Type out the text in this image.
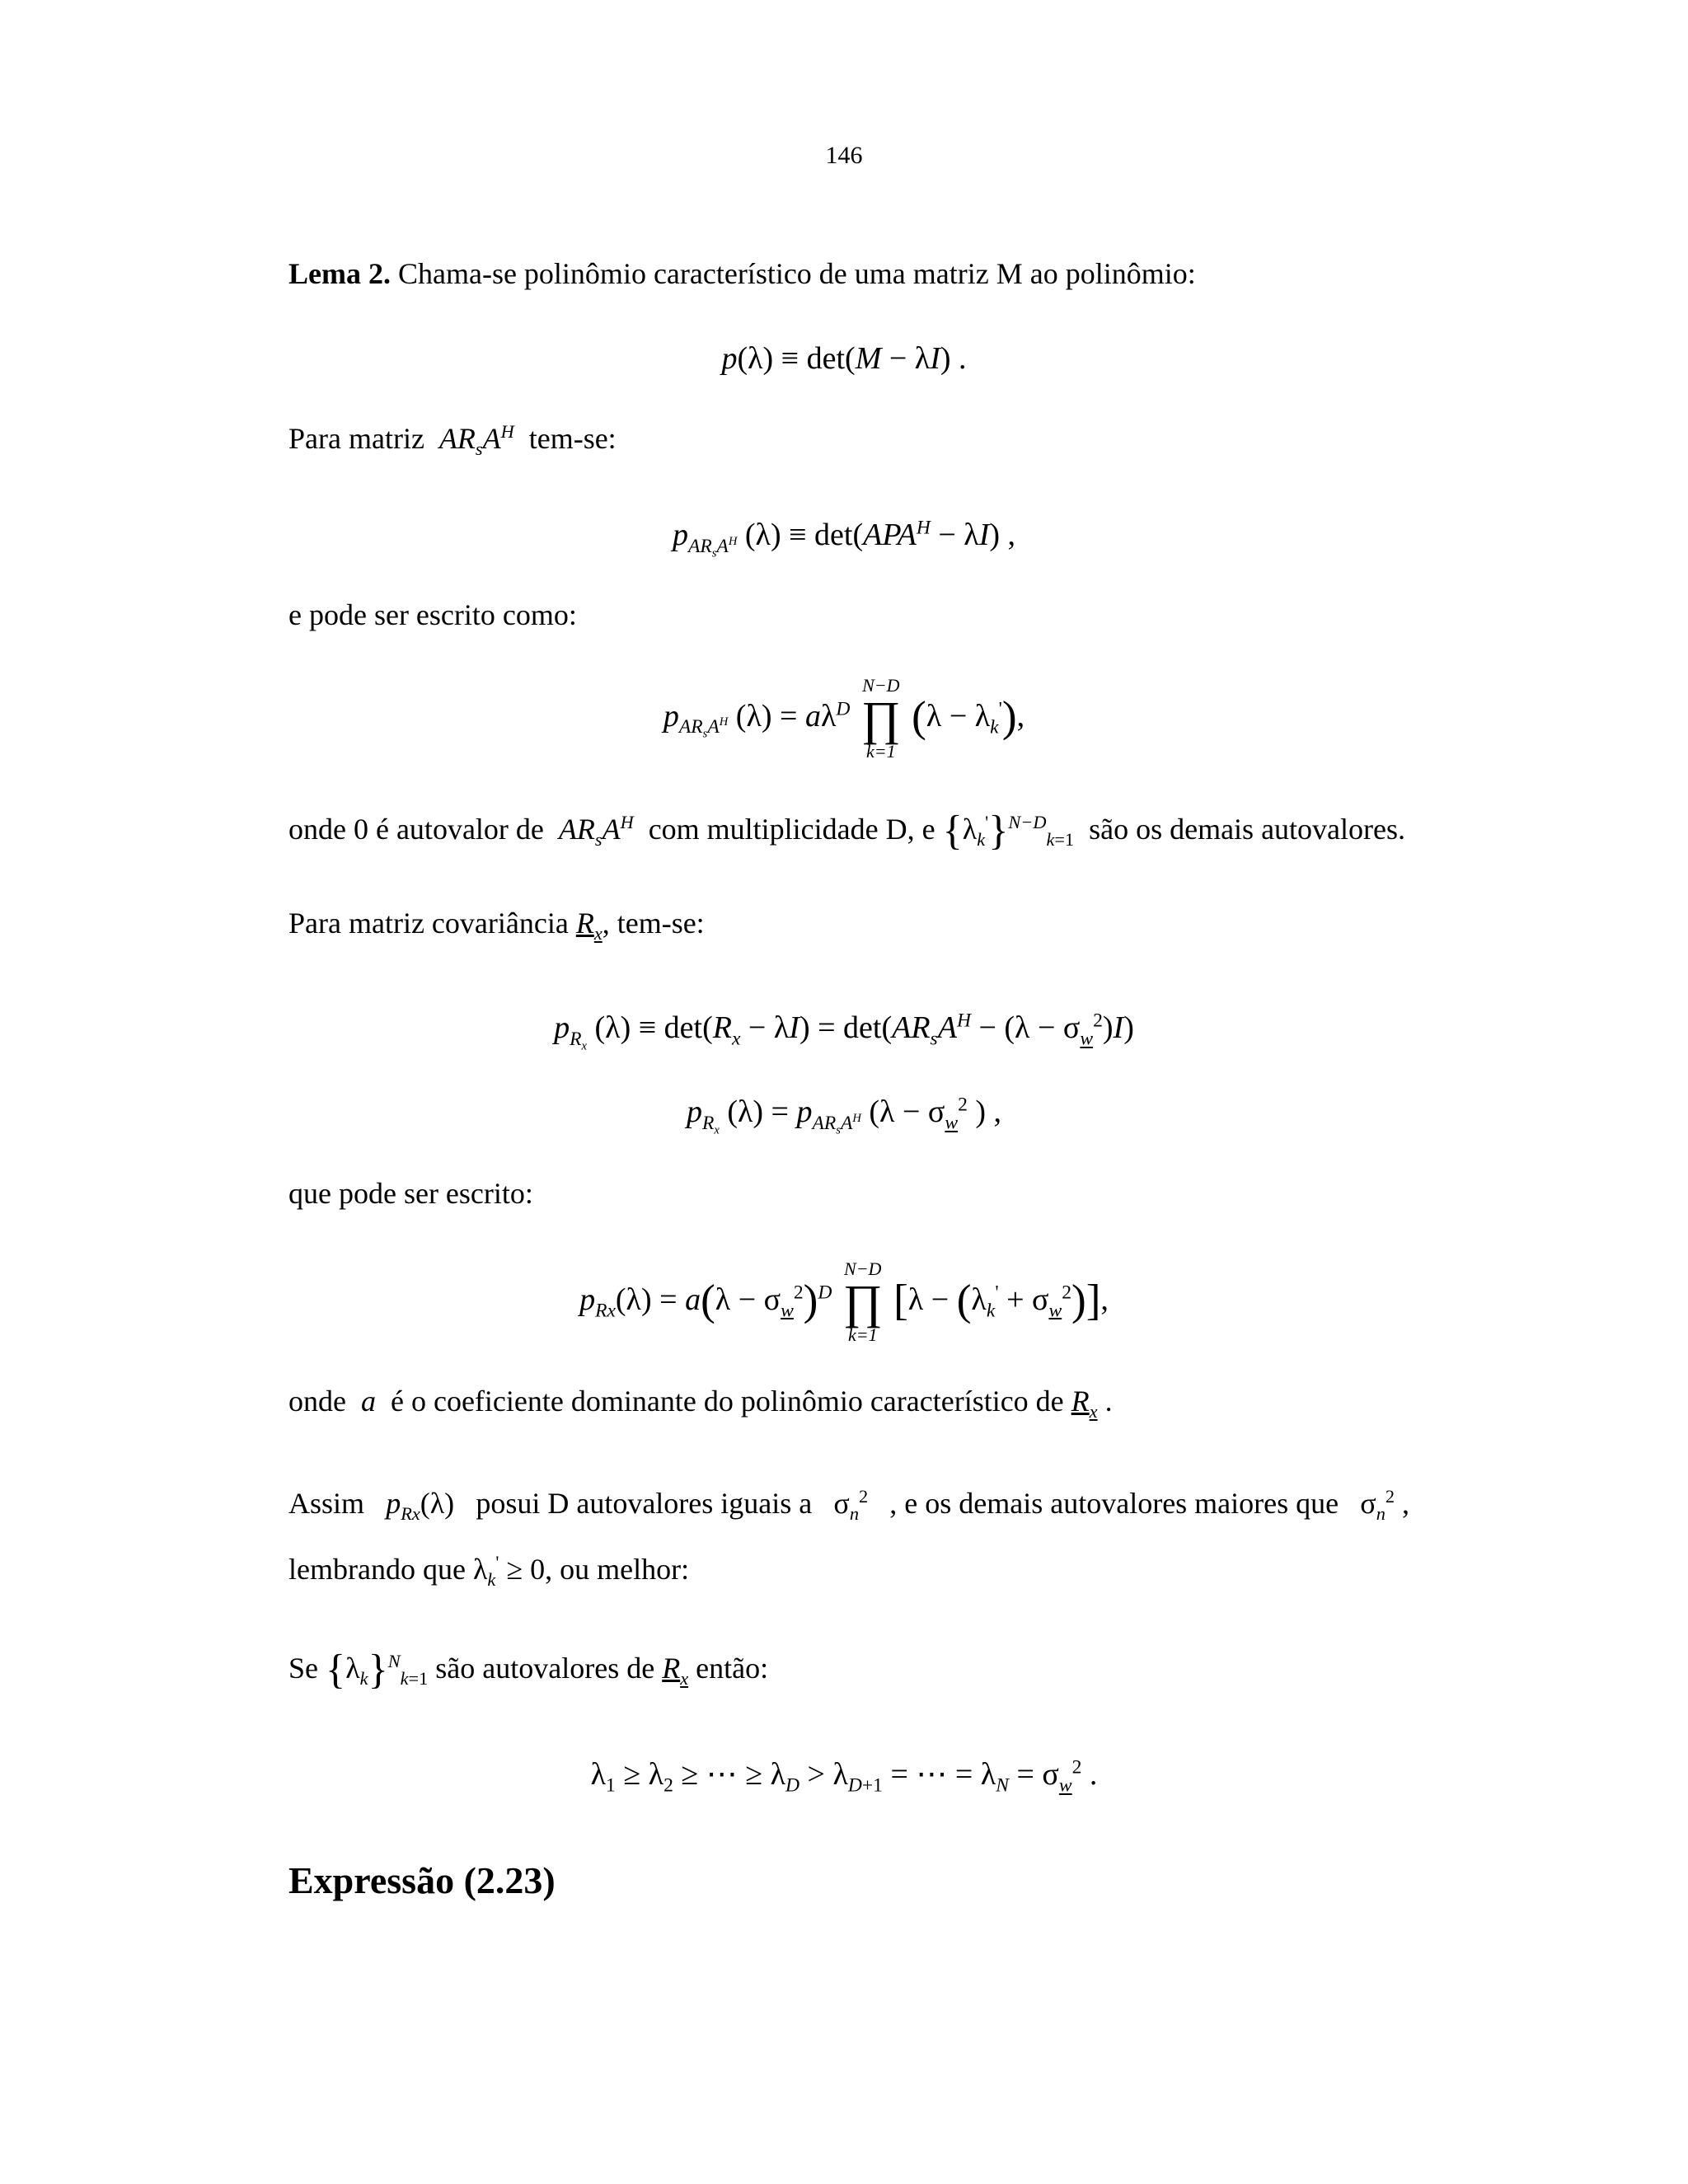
146
Lema 2. Chama-se polinômio característico de uma matriz M ao polinômio:
p(λ) ≡ det(M − λI) .
Para matriz $AR_sA^H$ tem-se:
$p_{AR_sA^H}$ $(\lambda) \equiv \det(APA^H - \lambda I)$ ,
e pode ser escrito como:
$p_{AR_sA^H}$ $(\lambda) = a\lambda^D$
N−D
∏
k=1
$(\lambda - \lambda_k')$,
onde 0 é autovalor de $AR_sA^H$ com multiplicidade D, e $\{\lambda_k'\}^{N-D}_{k=1}$ são os demais autovalores.
Para matriz covariância $R_x$, tem-se:
$p_{R_x}$ $(\lambda) \equiv \det(R_x - \lambda I) = \det(AR_sA^H - (\lambda - \sigma_w^2)I)$
$p_{R_x}$ $(\lambda) = p_{AR_sA^H}$ ($\lambda - \sigma_w^2$ ) ,
que pode ser escrito:
$p_{Rx}(\lambda) = a(\lambda - \sigma_w^2)^D$
N−D
∏
k=1
$[\lambda - (\lambda_k' + \sigma_w^2)]$,
onde a é o coeficiente dominante do polinômio característico de $R_x$ .
Assim $p_{Rx}(\lambda)$ posui D autovalores iguais a $\sigma_n^2$ , e os demais autovalores maiores que $\sigma_n^2$ ,
lembrando que $\lambda_k' \ge 0$, ou melhor:
Se $\{\lambda_k\}^N_{k=1}$ são autovalores de $R_x$ então:
$\lambda_1 \ge \lambda_2$ ≥ ⋯ ≥ $\lambda_D > \lambda_{D+1}$ = ⋯ = $\lambda_N = \sigma_w^2$ .
Expressão (2.23)
